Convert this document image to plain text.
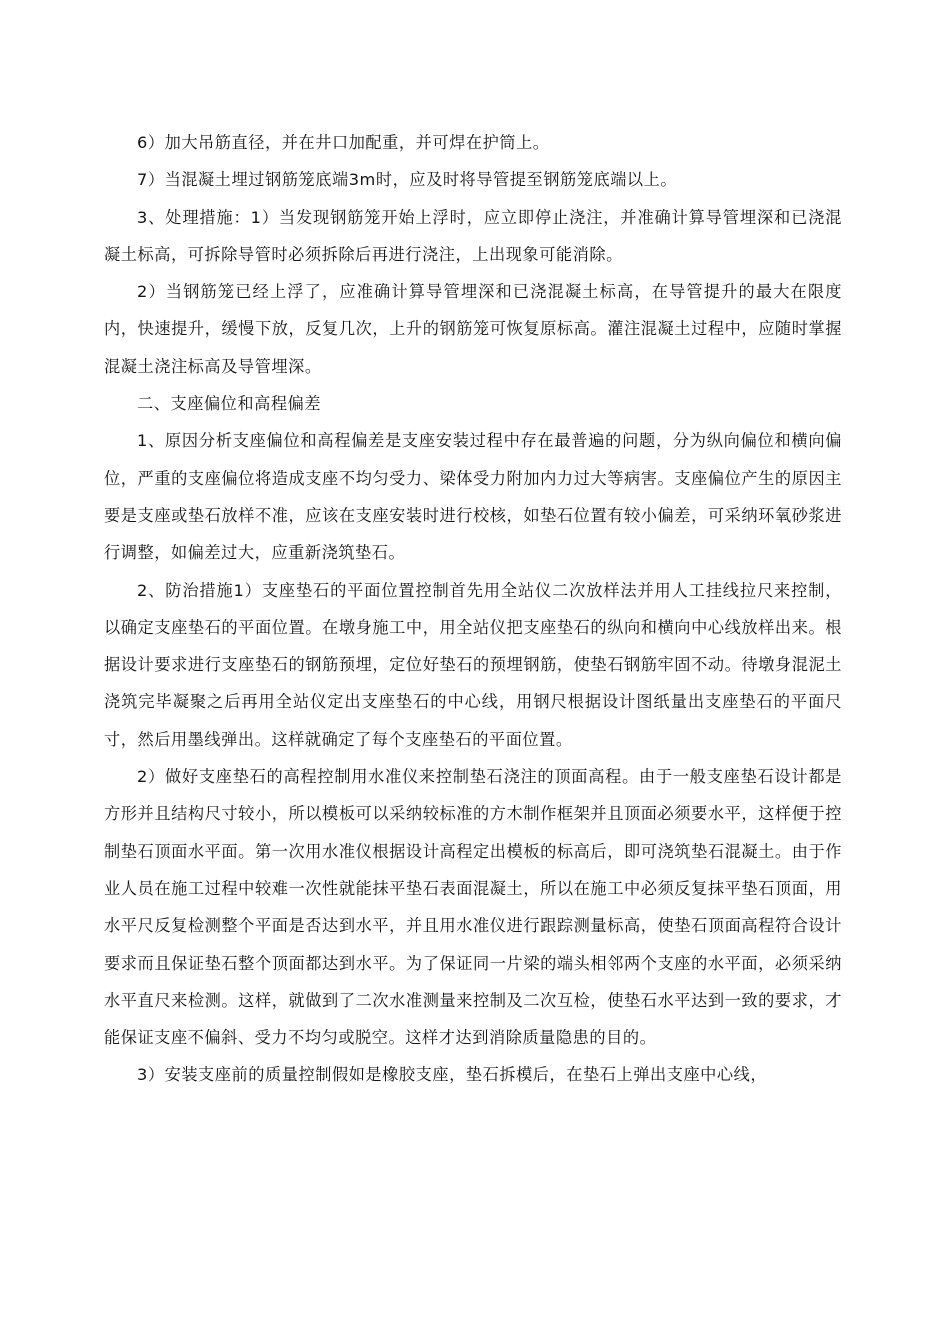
6）加大吊筋直径，并在井口加配重，并可焊在护筒上。

7）当混凝土埋过钢筋笼底端3m时，应及时将导管提至钢筋笼底端以上。

3、处理措施：1）当发现钢筋笼开始上浮时，应立即停止浇注，并准确计算导管埋深和已浇混凝土标高，可拆除导管时必须拆除后再进行浇注，上出现象可能消除。

2）当钢筋笼已经上浮了，应准确计算导管埋深和已浇混凝土标高，在导管提升的最大在限度内，快速提升，缓慢下放，反复几次，上升的钢筋笼可恢复原标高。灌注混凝土过程中，应随时掌握混凝土浇注标高及导管埋深。

二、支座偏位和高程偏差

1、原因分析支座偏位和高程偏差是支座安装过程中存在最普遍的问题，分为纵向偏位和横向偏位，严重的支座偏位将造成支座不均匀受力、梁体受力附加内力过大等病害。支座偏位产生的原因主要是支座或垫石放样不准，应该在支座安装时进行校核，如垫石位置有较小偏差，可采纳环氧砂浆进行调整，如偏差过大，应重新浇筑垫石。

2、防治措施1）支座垫石的平面位置控制首先用全站仪二次放样法并用人工挂线拉尺来控制，以确定支座垫石的平面位置。在墩身施工中，用全站仪把支座垫石的纵向和横向中心线放样出来。根据设计要求进行支座垫石的钢筋预埋，定位好垫石的预埋钢筋，使垫石钢筋牢固不动。待墩身混泥土浇筑完毕凝聚之后再用全站仪定出支座垫石的中心线，用钢尺根据设计图纸量出支座垫石的平面尺寸，然后用墨线弹出。这样就确定了每个支座垫石的平面位置。

2）做好支座垫石的高程控制用水准仪来控制垫石浇注的顶面高程。由于一般支座垫石设计都是方形并且结构尺寸较小，所以模板可以采纳较标准的方木制作框架并且顶面必须要水平，这样便于控制垫石顶面水平面。第一次用水准仪根据设计高程定出模板的标高后，即可浇筑垫石混凝土。由于作业人员在施工过程中较难一次性就能抹平垫石表面混凝土，所以在施工中必须反复抹平垫石顶面，用水平尺反复检测整个平面是否达到水平，并且用水准仪进行跟踪测量标高，使垫石顶面高程符合设计要求而且保证垫石整个顶面都达到水平。为了保证同一片梁的端头相邻两个支座的水平面，必须采纳水平直尺来检测。这样，就做到了二次水准测量来控制及二次互检，使垫石水平达到一致的要求，才能保证支座不偏斜、受力不均匀或脱空。这样才达到消除质量隐患的目的。

3）安装支座前的质量控制假如是橡胶支座，垫石拆模后，在垫石上弹出支座中心线，
